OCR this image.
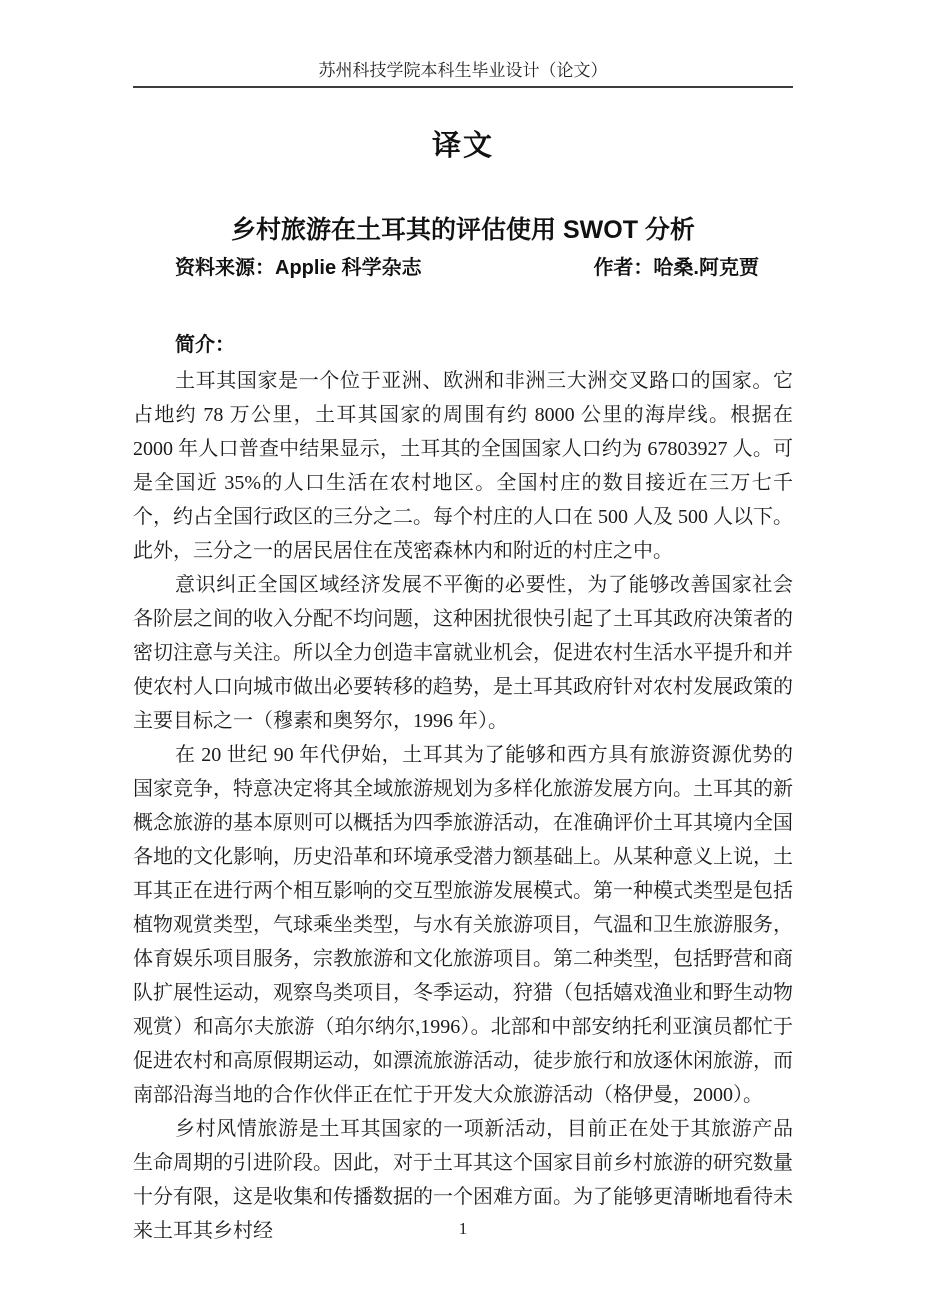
苏州科技学院本科生毕业设计（论文）
译文
乡村旅游在土耳其的评估使用 SWOT 分析
资料来源：Applie 科学杂志	作者：哈桑.阿克贾
简介：

土耳其国家是一个位于亚洲、欧洲和非洲三大洲交叉路口的国家。它占地约 78 万公里，土耳其国家的周围有约 8000 公里的海岸线。根据在 2000 年人口普查中结果显示，土耳其的全国国家人口约为 67803927 人。可是全国近 35%的人口生活在农村地区。全国村庄的数目接近在三万七千个，约占全国行政区的三分之二。每个村庄的人口在 500 人及 500 人以下。此外，三分之一的居民居住在茂密森林内和附近的村庄之中。

意识纠正全国区域经济发展不平衡的必要性，为了能够改善国家社会各阶层之间的收入分配不均问题，这种困扰很快引起了土耳其政府决策者的密切注意与关注。所以全力创造丰富就业机会，促进农村生活水平提升和并使农村人口向城市做出必要转移的趋势，是土耳其政府针对农村发展政策的主要目标之一（穆素和奥努尔，1996 年）。

在 20 世纪 90 年代伊始，土耳其为了能够和西方具有旅游资源优势的国家竞争，特意决定将其全域旅游规划为多样化旅游发展方向。土耳其的新概念旅游的基本原则可以概括为四季旅游活动，在准确评价土耳其境内全国各地的文化影响，历史沿革和环境承受潜力额基础上。从某种意义上说，土耳其正在进行两个相互影响的交互型旅游发展模式。第一种模式类型是包括植物观赏类型，气球乘坐类型，与水有关旅游项目，气温和卫生旅游服务，体育娱乐项目服务，宗教旅游和文化旅游项目。第二种类型，包括野营和商队扩展性运动，观察鸟类项目，冬季运动，狩猎（包括嬉戏渔业和野生动物观赏）和高尔夫旅游（珀尔纳尔,1996）。北部和中部安纳托利亚演员都忙于促进农村和高原假期运动，如漂流旅游活动，徒步旅行和放逐休闲旅游，而南部沿海当地的合作伙伴正在忙于开发大众旅游活动（格伊曼，2000）。

乡村风情旅游是土耳其国家的一项新活动，目前正在处于其旅游产品生命周期的引进阶段。因此，对于土耳其这个国家目前乡村旅游的研究数量十分有限，这是收集和传播数据的一个困难方面。为了能够更清晰地看待未来土耳其乡村经	1
